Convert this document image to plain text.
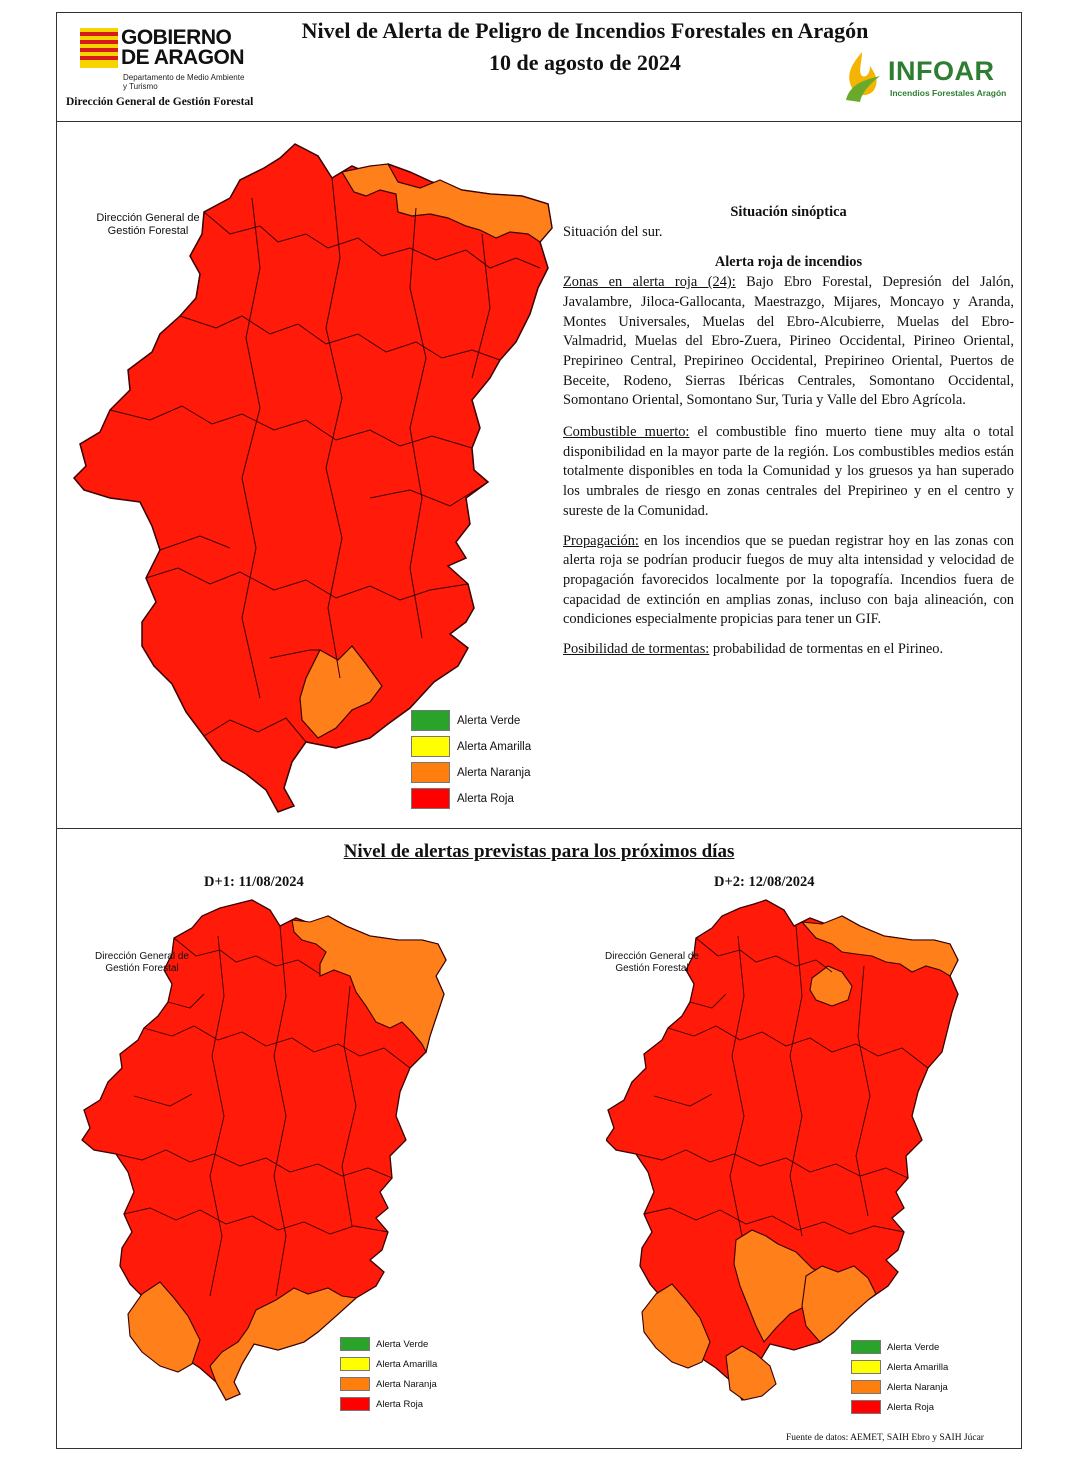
GOBIERNO
DE ARAGON
Departamento de Medio Ambiente
y Turismo
Dirección General de Gestión Forestal
Nivel de Alerta de Peligro de Incendios Forestales en Aragón
10 de agosto de 2024	INFOAR
Incendios Forestales Aragón
Dirección General de
Gestión Forestal
Alerta Verde
Alerta Amarilla
Alerta Naranja
Alerta Roja

Situación sinóptica

Situación del sur.

Alerta roja de incendios

Zonas en alerta roja (24): Bajo Ebro Forestal, Depresión del Jalón, Javalambre, Jiloca-Gallocanta, Maestrazgo, Mijares, Moncayo y Aranda, Montes Universales, Muelas del Ebro-Alcubierre, Muelas del Ebro-Valmadrid, Muelas del Ebro-Zuera, Pirineo Occidental, Pirineo Oriental, Prepirineo Central, Prepirineo Occidental, Prepirineo Oriental, Puertos de Beceite, Rodeno, Sierras Ibéricas Centrales, Somontano Occidental, Somontano Oriental, Somontano Sur, Turia y Valle del Ebro Agrícola.

Combustible muerto: el combustible fino muerto tiene muy alta o total disponibilidad en la mayor parte de la región. Los combustibles medios están totalmente disponibles en toda la Comunidad y los gruesos ya han superado los umbrales de riesgo en zonas centrales del Prepirineo y en el centro y sureste de la Comunidad.

Propagación: en los incendios que se puedan registrar hoy en las zonas con alerta roja se podrían producir fuegos de muy alta intensidad y velocidad de propagación favorecidos localmente por la topografía. Incendios fuera de capacidad de extinción en amplias zonas, incluso con baja alineación, con condiciones especialmente propicias para tener un GIF.

Posibilidad de tormentas: probabilidad de tormentas en el Pirineo.

Nivel de alertas previstas para los próximos días
D+1: 11/08/2024	D+2: 12/08/2024
Dirección General de
Gestión Forestal
Alerta Verde
Alerta Amarilla
Alerta Naranja
Alerta Roja
Dirección General de
Gestión Forestal
Alerta Verde
Alerta Amarilla
Alerta Naranja
Alerta Roja
Fuente de datos: AEMET, SAIH Ebro y SAIH Júcar
